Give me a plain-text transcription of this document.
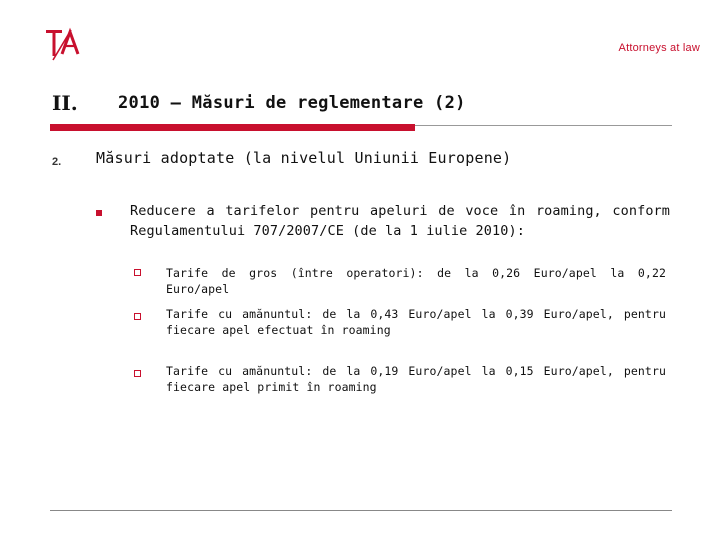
Attorneys at law
II. 2010 – Măsuri de reglementare (2)
2. Măsuri adoptate (la nivelul Uniunii Europene)
Reducere a tarifelor pentru apeluri de voce în roaming, conform Regulamentului 707/2007/CE (de la 1 iulie 2010):
Tarife de gros (între operatori): de la 0,26 Euro/apel la 0,22 Euro/apel
Tarife cu amănuntul: de la 0,43 Euro/apel la 0,39 Euro/apel, pentru fiecare apel efectuat în roaming
Tarife cu amănuntul: de la 0,19 Euro/apel la 0,15 Euro/apel, pentru fiecare apel primit în roaming
